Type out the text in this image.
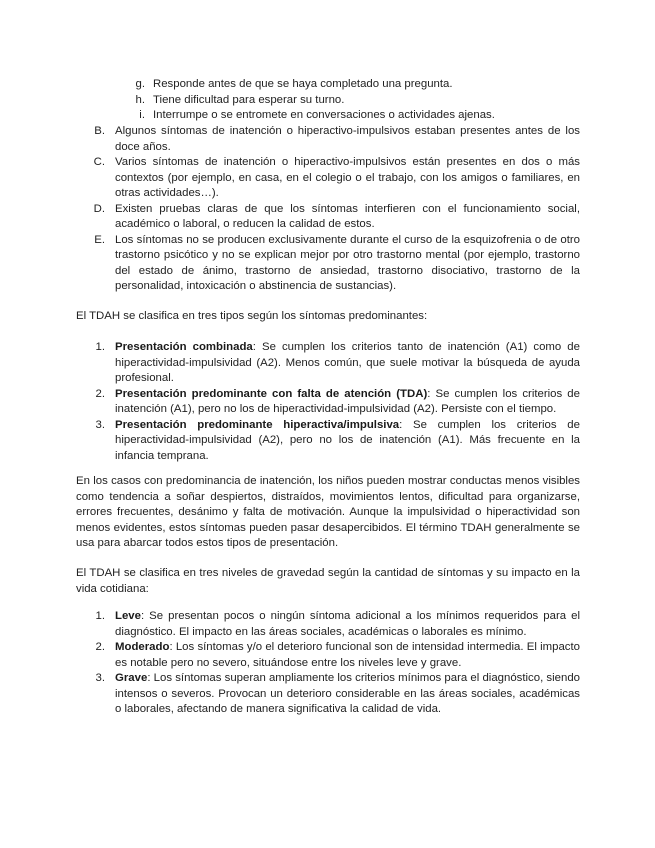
g. Responde antes de que se haya completado una pregunta.
h. Tiene dificultad para esperar su turno.
i. Interrumpe o se entromete en conversaciones o actividades ajenas.
B. Algunos síntomas de inatención o hiperactivo-impulsivos estaban presentes antes de los doce años.
C. Varios síntomas de inatención o hiperactivo-impulsivos están presentes en dos o más contextos (por ejemplo, en casa, en el colegio o el trabajo, con los amigos o familiares, en otras actividades…).
D. Existen pruebas claras de que los síntomas interfieren con el funcionamiento social, académico o laboral, o reducen la calidad de estos.
E. Los síntomas no se producen exclusivamente durante el curso de la esquizofrenia o de otro trastorno psicótico y no se explican mejor por otro trastorno mental (por ejemplo, trastorno del estado de ánimo, trastorno de ansiedad, trastorno disociativo, trastorno de la personalidad, intoxicación o abstinencia de sustancias).

El TDAH se clasifica en tres tipos según los síntomas predominantes:

1. Presentación combinada: Se cumplen los criterios tanto de inatención (A1) como de hiperactividad-impulsividad (A2). Menos común, que suele motivar la búsqueda de ayuda profesional.
2. Presentación predominante con falta de atención (TDA): Se cumplen los criterios de inatención (A1), pero no los de hiperactividad-impulsividad (A2). Persiste con el tiempo.
3. Presentación predominante hiperactiva/impulsiva: Se cumplen los criterios de hiperactividad-impulsividad (A2), pero no los de inatención (A1). Más frecuente en la infancia temprana.

En los casos con predominancia de inatención, los niños pueden mostrar conductas menos visibles como tendencia a soñar despiertos, distraídos, movimientos lentos, dificultad para organizarse, errores frecuentes, desánimo y falta de motivación. Aunque la impulsividad o hiperactividad son menos evidentes, estos síntomas pueden pasar desapercibidos. El término TDAH generalmente se usa para abarcar todos estos tipos de presentación.

El TDAH se clasifica en tres niveles de gravedad según la cantidad de síntomas y su impacto en la vida cotidiana:

1. Leve: Se presentan pocos o ningún síntoma adicional a los mínimos requeridos para el diagnóstico. El impacto en las áreas sociales, académicas o laborales es mínimo.
2. Moderado: Los síntomas y/o el deterioro funcional son de intensidad intermedia. El impacto es notable pero no severo, situándose entre los niveles leve y grave.
3. Grave: Los síntomas superan ampliamente los criterios mínimos para el diagnóstico, siendo intensos o severos. Provocan un deterioro considerable en las áreas sociales, académicas o laborales, afectando de manera significativa la calidad de vida.
